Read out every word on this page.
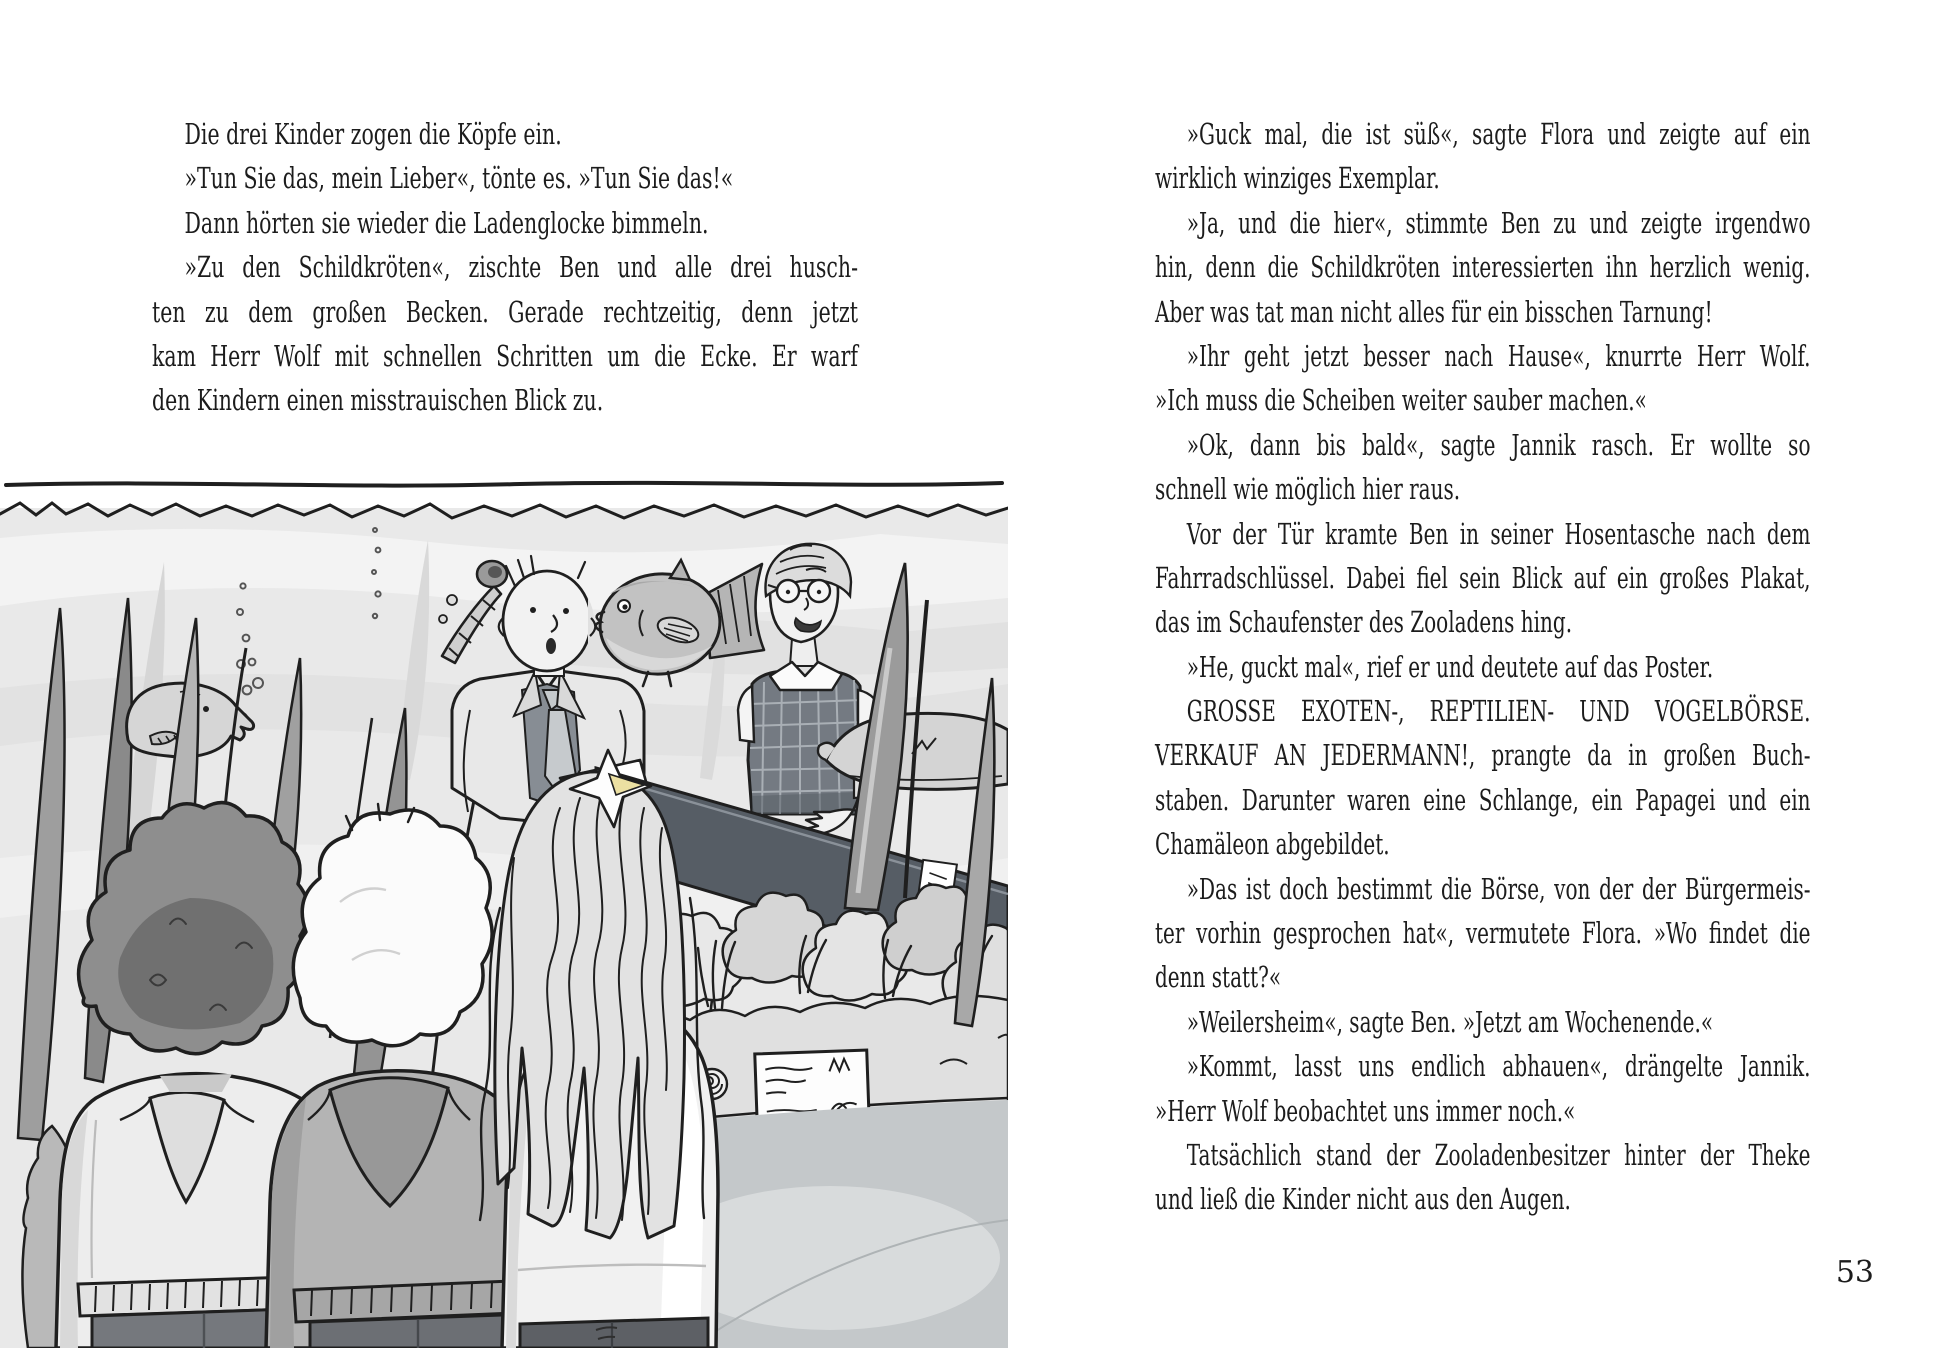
Die drei Kinder zogen die Köpfe ein.
»Tun Sie das, mein Lieber«, tönte es. »Tun Sie das!«
Dann hörten sie wieder die Ladenglocke bimmeln.
»Zu den Schildkröten«, zischte Ben und alle drei husch-
ten zu dem großen Becken. Gerade rechtzeitig, denn jetzt
kam Herr Wolf mit schnellen Schritten um die Ecke. Er warf
den Kindern einen misstrauischen Blick zu.
»Guck mal, die ist süß«, sagte Flora und zeigte auf ein
wirklich winziges Exemplar.
»Ja, und die hier«, stimmte Ben zu und zeigte irgendwo
hin, denn die Schildkröten interessierten ihn herzlich wenig.
Aber was tat man nicht alles für ein bisschen Tarnung!
»Ihr geht jetzt besser nach Hause«, knurrte Herr Wolf.
»Ich muss die Scheiben weiter sauber machen.«
»Ok, dann bis bald«, sagte Jannik rasch. Er wollte so
schnell wie möglich hier raus.
Vor der Tür kramte Ben in seiner Hosentasche nach dem
Fahrradschlüssel. Dabei fiel sein Blick auf ein großes Plakat,
das im Schaufenster des Zooladens hing.
»He, guckt mal«, rief er und deutete auf das Poster.
GROSSE EXOTEN-, REPTILIEN- UND VOGELBÖRSE.
VERKAUF AN JEDERMANN!, prangte da in großen Buch-
staben. Darunter waren eine Schlange, ein Papagei und ein
Chamäleon abgebildet.
»Das ist doch bestimmt die Börse, von der der Bürgermeis-
ter vorhin gesprochen hat«, vermutete Flora. »Wo findet die
denn statt?«
»Weilersheim«, sagte Ben. »Jetzt am Wochenende.«
»Kommt, lasst uns endlich abhauen«, drängelte Jannik.
»Herr Wolf beobachtet uns immer noch.«
Tatsächlich stand der Zooladenbesitzer hinter der Theke
und ließ die Kinder nicht aus den Augen.
53
